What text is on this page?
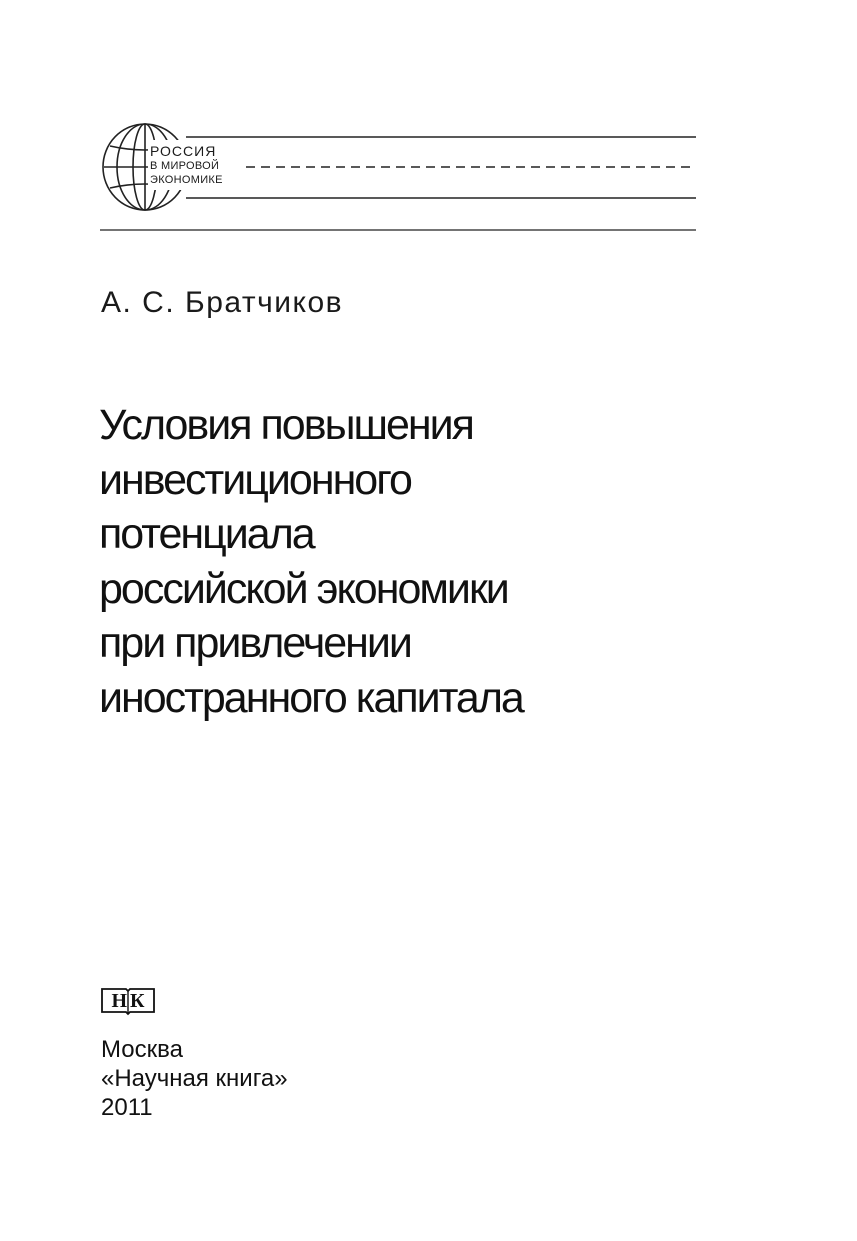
РОССИЯ
В МИРОВОЙ
ЭКОНОМИКЕ
А. С. Братчиков
Условия повышения
инвестиционного
потенциала
российской экономики
при привлечении
иностранного капитала
НК
Москва
«Научная книга»
2011
